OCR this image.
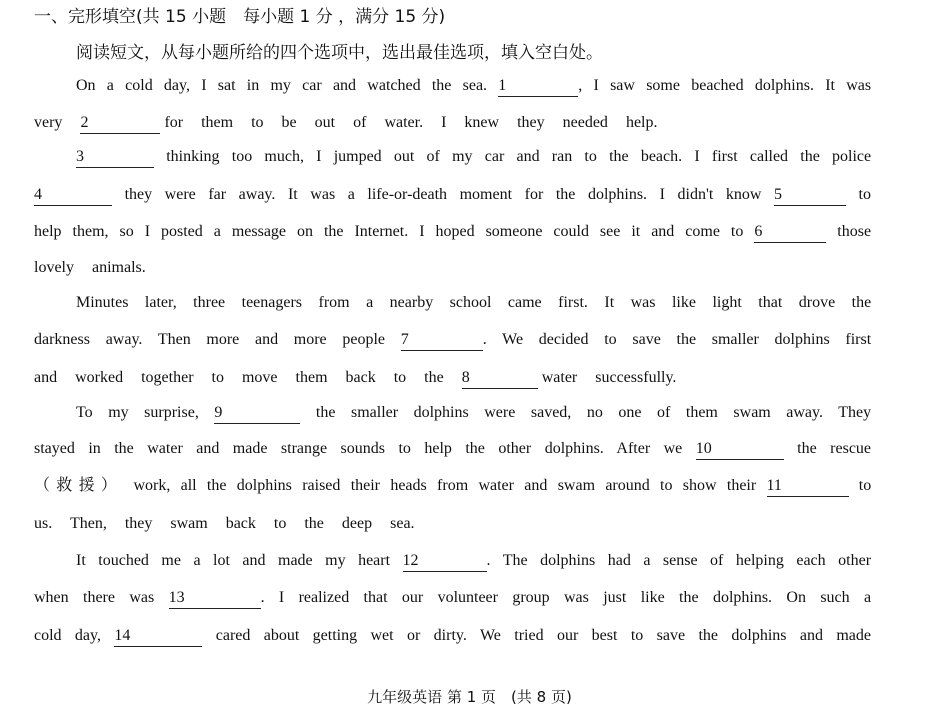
一、完形填空(共 15 小题　每小题 1 分 ，满分 15 分)
阅读短文，从每小题所给的四个选项中，选出最佳选项，填入空白处。
On a cold day, I sat in my car and watched the sea. 1	, I saw some beached dolphins. It was
very 2	for them to be out of water. I knew they needed help.
3	thinking too much, I jumped out of my car and ran to the beach. I first called the police
4	they were far away. It was a life-or-death moment for the dolphins. I didn't know 5	to
help them, so I posted a message on the Internet. I hoped someone could see it and come to 6	those
lovely animals.
Minutes later, three teenagers from a nearby school came first. It was like light that drove the
darkness away. Then more and more people 7	. We decided to save the smaller dolphins first
and worked together to move them back to the 8	water successfully.
To my surprise, 9	the smaller dolphins were saved, no one of them swam away. They
stayed in the water and made strange sounds to help the other dolphins. After we 10	the rescue
（救援） work, all the dolphins raised their heads from water and swam around to show their 11	to
us. Then, they swam back to the deep sea.
It touched me a lot and made my heart 12	. The dolphins had a sense of helping each other
when there was 13	. I realized that our volunteer group was just like the dolphins. On such a
cold day, 14	cared about getting wet or dirty. We tried our best to save the dolphins and made
九年级英语 第 1 页　(共 8 页)
